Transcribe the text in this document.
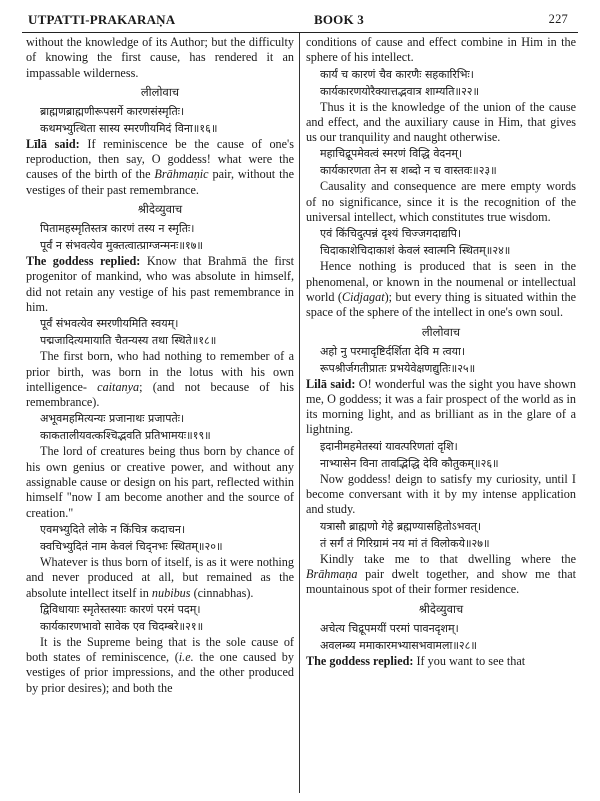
UTPATTI-PRAKARAṆA	BOOK 3	227

without the knowledge of its Author; but the difficulty of knowing the first cause, has rendered it an impassable wilderness.

लीलोवाच
ब्राह्मणब्राह्मणीरूपसर्गे कारणसंस्मृतिः।
कथमभ्युत्थिता सास्य स्मरणीयमिदं विना॥१६॥

Līlā said: If reminiscence be the cause of one's reproduction, then say, O goddess! what were the causes of the birth of the Brāhmaṇic pair, without the vestiges of their past remembrance.

श्रीदेव्युवाच
पितामहस्मृतिस्तत्र कारणं तस्य न स्मृतिः।
पूर्वं न संभवत्येव मुक्तत्वात्प्राग्जन्मनः॥१७॥

The goddess replied: Know that Brahmā the first progenitor of mankind, who was absolute in himself, did not retain any vestige of his past remembrance in him.

पूर्वं संभवत्येव स्मरणीयमिति स्वयम्।
पद्मजादित्यमायाति चैतन्यस्य तथा स्थिते॥१८॥

The first born, who had nothing to remember of a prior birth, was born in the lotus with his own intelligence- caitanya; (and not because of his remembrance).

अभूवमहमित्यन्यः प्रजानाथः प्रजापतेः।
काकतालीयवत्कश्चिद्भवति प्रतिभामयः॥१९॥

The lord of creatures being thus born by chance of his own genius or creative power, and without any assignable cause or design on his part, reflected within himself "now I am become another and the source of creation."

एवमभ्युदिते लोके न किंचित्र कदाचन।
क्वचिभ्युदितं नाम केवलं चिद्नभः स्थितम्॥२०॥

Whatever is thus born of itself, is as it were nothing and never produced at all, but remained as the absolute intellect itself in nubibus (cinnabhas).

द्विविधायाः स्मृतेस्तस्याः कारणं परमं पदम्।
कार्यकारणभावो सावेक एव चिदम्बरे॥२१॥

It is the Supreme being that is the sole cause of both states of reminiscence, (i.e. the one caused by vestiges of prior impressions, and the other produced by prior desires); and both the

conditions of cause and effect combine in Him in the sphere of his intellect.

कार्यं च कारणं चैव कारणैः सहकारिभिः।
कार्यकारणयोरैक्यात्तद्भवात्र शाम्यति॥२२॥

Thus it is the knowledge of the union of the cause and effect, and the auxiliary cause in Him, that gives us our tranquility and naught otherwise.

महाचिद्रूपमेवत्वं स्मरणं विद्धि वेदनम्।
कार्यकारणता तेन स शब्दो न च वास्तवः॥२३॥

Causality and consequence are mere empty words of no significance, since it is the recognition of the universal intellect, which constitutes true wisdom.

एवं किंचिदुत्पन्नं दृश्यं चिज्जगदाद्यपि।
चिदाकाशेचिदाकाशं केवलं स्वात्मनि स्थितम्॥२४॥

Hence nothing is produced that is seen in the phenomenal, or known in the noumenal or intellectual world (Cidjagat); but every thing is situated within the space of the sphere of the intellect in one's own soul.

लीलोवाच
अहो नु परमादृष्टिर्दर्शिता देवि म त्वया।
रूपश्रीर्जगतीप्रातः प्रभयेवेक्षणद्युतिः॥२५॥

Lilā said: O! wonderful was the sight you have shown me, O goddess; it was a fair prospect of the world as in its morning light, and as brilliant as in the glare of a lightning.

इदानीमहमेतस्यां यावत्परिणतां दृशि।
नाभ्यासेन विना तावद्भिद्धि देवि कौतुकम्॥२६॥

Now goddess! deign to satisfy my curiosity, until I become conversant with it by my intense application and study.

यत्रासौ ब्राह्मणो गेहे ब्रह्मण्यासहितोऽभवत्।
तं सर्गं तं गिरिग्रामं नय मां तं विलोकये॥२७॥

Kindly take me to that dwelling where the Brāhmaṇa pair dwelt together, and show me that mountainous spot of their former residence.

श्रीदेव्युवाच
अचेत्य चिद्रूपमयीं परमां पावनदृशम्।
अवलम्ब्य ममाकारमभ्यासभवामला॥२८॥

The goddess replied: If you want to see that
